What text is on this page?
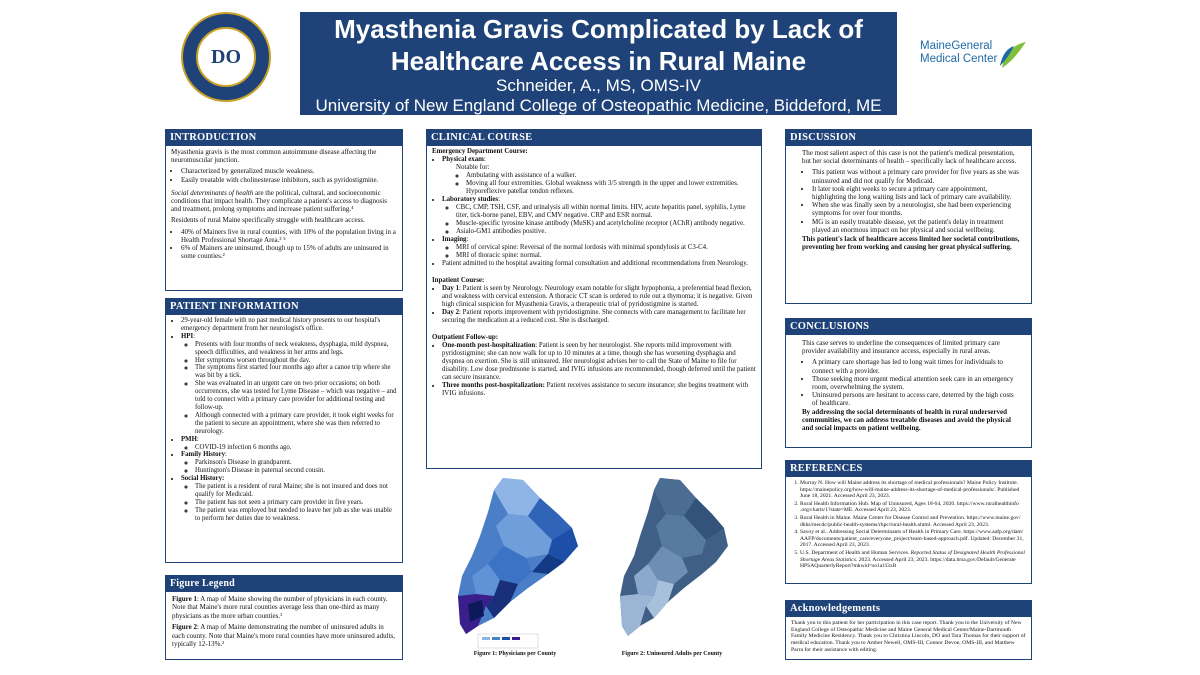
DO
Myasthenia Gravis Complicated by Lack of
Healthcare Access in Rural Maine
Schneider, A., MS, OMS-IV
University of New England College of Osteopathic Medicine, Biddeford, ME
MaineGeneral
Medical Center
INTRODUCTION

Myasthenia gravis is the most common autoimmune disease affecting the neuromuscular junction.

• Characterized by generalized muscle weakness.
• Easily treatable with cholinesterase inhibitors, such as pyridostigmine.

Social determinants of health are the political, cultural, and socioeconomic conditions that impact health. They complicate a patient's access to diagnosis and treatment, prolong symptoms and increase patient suffering.⁴

Residents of rural Maine specifically struggle with healthcare access.

• 40% of Mainers live in rural counties, with 10% of the population living in a Health Professional Shortage Area.³ ⁵
• 6% of Mainers are uninsured, though up to 15% of adults are uninsured in some counties.²
PATIENT INFORMATION
• 29-year-old female with no past medical history presents to our hospital's emergency department from her neurologist's office.
• HPI:
◦ Presents with four months of neck weakness, dysphagia, mild dyspnea, speech difficulties, and weakness in her arms and legs.
◦ Her symptoms worsen throughout the day.
◦ The symptoms first started four months ago after a canoe trip where she was bit by a tick.
◦ She was evaluated in an urgent care on two prior occasions; on both occurrences, she was tested for Lyme Disease – which was negative – and told to connect with a primary care provider for additional testing and follow-up.
◦ Although connected with a primary care provider, it took eight weeks for the patient to secure an appointment, where she was then referred to neurology.
• PMH:
◦ COVID-19 infection 6 months ago.
• Family History:
◦ Parkinson's Disease in grandparent.
◦ Huntington's Disease in paternal second cousin.
• Social History:
◦ The patient is a resident of rural Maine; she is not insured and does not qualify for Medicaid.
◦ The patient has not seen a primary care provider in five years.
◦ The patient was employed but needed to leave her job as she was unable to perform her duties due to weakness.
Figure Legend

Figure 1: A map of Maine showing the number of physicians in each county. Note that Maine's more rural counties average less than one-third as many physicians as the more urban counties.¹

Figure 2: A map of Maine demonstrating the number of uninsured adults in each county. Note that Maine's more rural counties have more uninsured adults, typically 12-13%.²

CLINICAL COURSE
Emergency Department Course:
• Physical exam:
Notable for:
◦ Ambulating with assistance of a walker.
◦ Moving all four extremities. Global weakness with 3/5 strength in the upper and lower extremities. Hyporeflexive patellar tendon reflexes.
• Laboratory studies:
◦ CBC, CMP, TSH, CSF, and urinalysis all within normal limits. HIV, acute hepatitis panel, syphilis, Lyme titer, tick-borne panel, EBV, and CMV negative. CRP and ESR normal.
◦ Muscle-specific tyrosine kinase antibody (MuSK) and acetylcholine receptor (AChR) antibody negative.
◦ Asialo-GM1 antibodies positive.
• Imaging:
◦ MRI of cervical spine: Reversal of the normal lordosis with minimal spondylosis at C3-C4.
◦ MRI of thoracic spine: normal.
• Patient admitted to the hospital awaiting formal consultation and additional recommendations from Neurology.
Inpatient Course:
• Day 1: Patient is seen by Neurology. Neurology exam notable for slight hypophonia, a preferential head flexion, and weakness with cervical extension. A thoracic CT scan is ordered to rule out a thymoma; it is negative. Given high clinical suspicion for Myasthenia Gravis, a therapeutic trial of pyridostigmine is started.
• Day 2: Patient reports improvement with pyridostigmine. She connects with care management to facilitate her securing the medication at a reduced cost. She is discharged.
Outpatient Follow-up:
• One-month post-hospitalization: Patient is seen by her neurologist. She reports mild improvement with pyridostigmine; she can now walk for up to 10 minutes at a time, though she has worsening dysphagia and dyspnea on exertion. She is still uninsured. Her neurologist advises her to call the State of Maine to file for disability. Low dose prednisone is started, and IVIG infusions are recommended, though deferred until the patient can secure insurance.
• Three months post-hospitalization: Patient receives assistance to secure insurance; she begins treatment with IVIG infusions.
Figure 1: Physicians per County	Figure 2: Uninsured Adults per County
DISCUSSION

The most salient aspect of this case is not the patient's medical presentation, but her social determinants of health – specifically lack of healthcare access.

• This patient was without a primary care provider for five years as she was uninsured and did not qualify for Medicaid.
• It later took eight weeks to secure a primary care appointment, highlighting the long waiting lists and lack of primary care availability.
• When she was finally seen by a neurologist, she had been experiencing symptoms for over four months.
• MG is an easily treatable disease, yet the patient's delay in treatment played an enormous impact on her physical and social wellbeing.

This patient's lack of healthcare access limited her societal contributions, preventing her from working and causing her great physical suffering.

CONCLUSIONS

This case serves to underline the consequences of limited primary care provider availability and insurance access, especially in rural areas.

• A primary care shortage has led to long wait times for individuals to connect with a provider.
• Those seeking more urgent medical attention seek care in an emergency room, overwhelming the system.
• Uninsured persons are hesitant to access care, deterred by the high costs of healthcare.

By addressing the social determinants of health in rural underserved communities, we can address treatable diseases and avoid the physical and social impacts on patient wellbeing.

REFERENCES
1. Murray N. How will Maine address its shortage of medical professionals? Maine Policy Institute. https://mainepolicy.org/how-will-maine-address-its-shortage-of-medical-professionals/. Published June 18, 2021. Accessed April 23, 2023.
2. Rural Health Information Hub. Map of Uninsured, Ages 18-64, 2020. https://www.ruralhealthinfo .org/charts/1?state=ME. Accessed April 23, 2023.
3. Rural Health in Maine. Maine Center for Disease Control and Prevention. https://www.maine.gov/ dhhs/mecdc/public-health-systems/rhpc/rural-health.shtml. Accessed April 23, 2023.
4. Savoy et al.. Addressing Social Determinants of Health in Primary Care. https://www.aafp.org/dam/ AAFP/documents/patient_care/everyone_project/team-based-approach.pdf. Updated: December 31, 2017. Accessed April 23, 2023.
5. U.S. Department of Health and Human Services. Reported Status of Designated Health Professional Shortage Areas Statistics. 2023. Accessed April 23, 2023. https://data.hrsa.gov/Default/Generate HPSAQuarterlyReport?mkwid=so1a1I3xB
Acknowledgements
Thank you to this patient for her participation in this case report. Thank you to the University of New England College of Osteopathic Medicine and Maine General Medical Center/Maine-Dartmouth Family Medicine Residency. Thank you to Christina Lincoln, DO and Tara Thomas for their support of medical education. Thank you to Amber Newell, OMS-III, Connor Devoe, OMS-III, and Matthew Parra for their assistance with editing.
